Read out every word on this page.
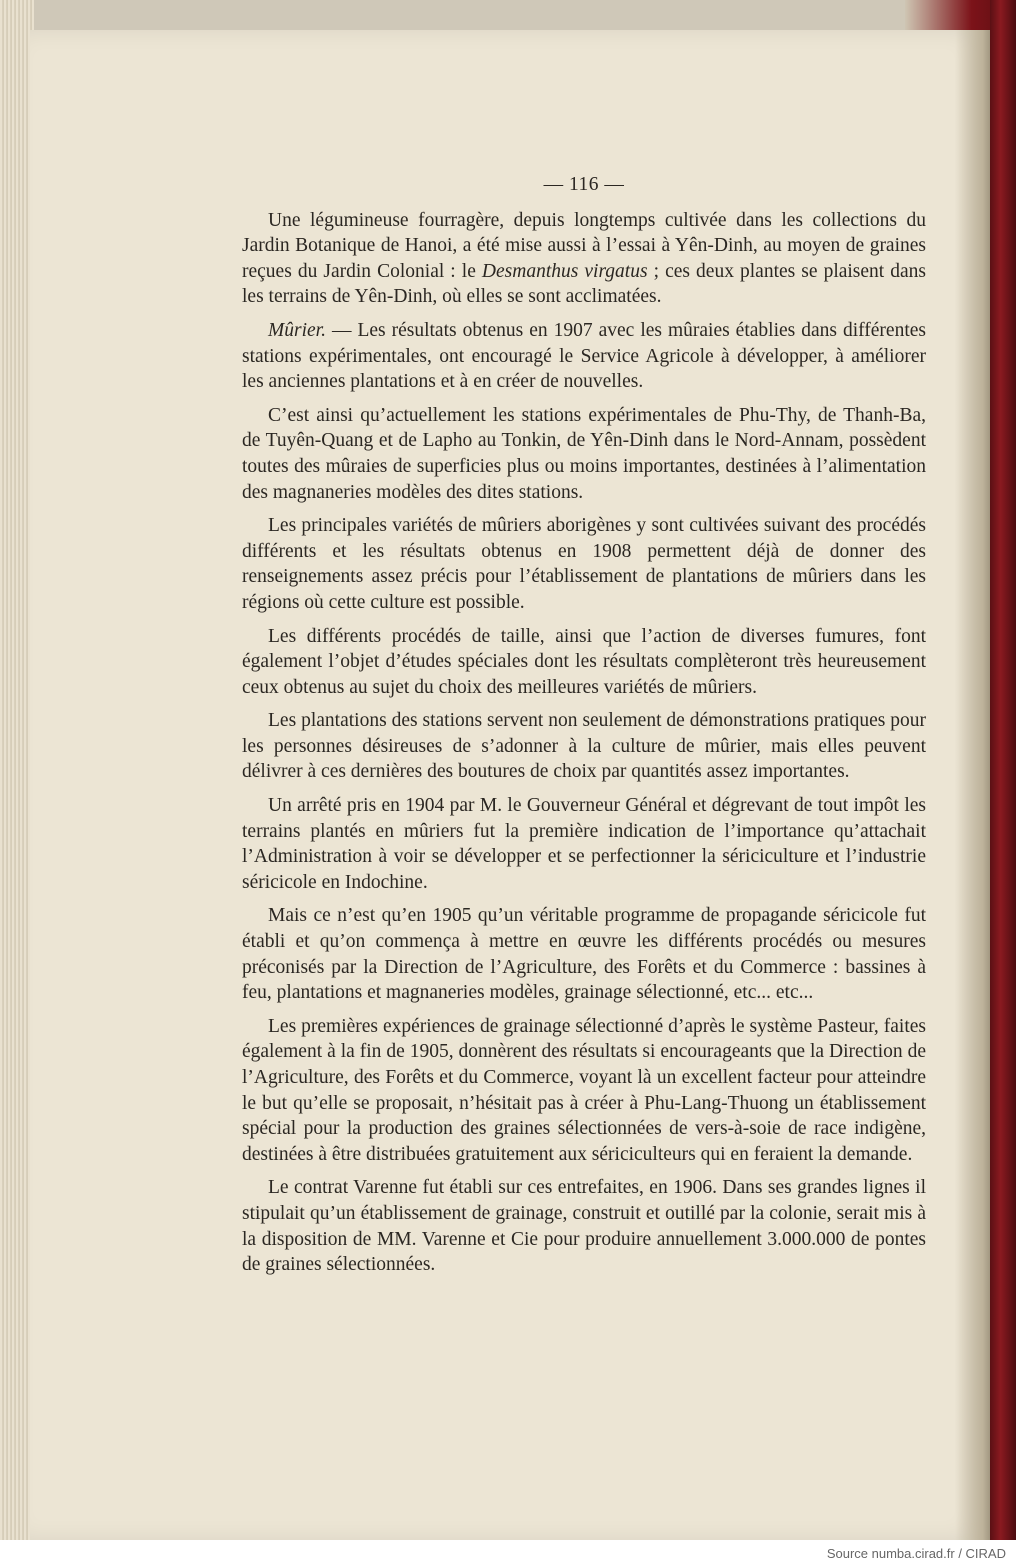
— 116 —

Une légumineuse fourragère, depuis longtemps cultivée dans les collections du Jardin Botanique de Hanoi, a été mise aussi à l’essai à Yên-Dinh, au moyen de graines reçues du Jardin Colonial : le Desmanthus virgatus ; ces deux plantes se plaisent dans les terrains de Yên-Dinh, où elles se sont acclimatées.

Mûrier. — Les résultats obtenus en 1907 avec les mûraies établies dans différentes stations expérimentales, ont encouragé le Service Agricole à développer, à améliorer les anciennes plantations et à en créer de nouvelles.

C’est ainsi qu’actuellement les stations expérimentales de Phu-Thy, de Thanh-Ba, de Tuyên-Quang et de Lapho au Tonkin, de Yên-Dinh dans le Nord-Annam, possèdent toutes des mûraies de superficies plus ou moins importantes, destinées à l’alimentation des magnaneries modèles des dites stations.

Les principales variétés de mûriers aborigènes y sont cultivées suivant des procédés différents et les résultats obtenus en 1908 permettent déjà de donner des renseignements assez précis pour l’établissement de plantations de mûriers dans les régions où cette culture est possible.

Les différents procédés de taille, ainsi que l’action de diverses fumures, font également l’objet d’études spéciales dont les résultats complèteront très heureusement ceux obtenus au sujet du choix des meilleures variétés de mûriers.

Les plantations des stations servent non seulement de démonstrations pratiques pour les personnes désireuses de s’adonner à la culture de mûrier, mais elles peuvent délivrer à ces dernières des boutures de choix par quantités assez importantes.

Un arrêté pris en 1904 par M. le Gouverneur Général et dégrevant de tout impôt les terrains plantés en mûriers fut la première indication de l’importance qu’attachait l’Administration à voir se développer et se perfectionner la sériciculture et l’industrie séricicole en Indochine.

Mais ce n’est qu’en 1905 qu’un véritable programme de propagande séricicole fut établi et qu’on commença à mettre en œuvre les différents procédés ou mesures préconisés par la Direction de l’Agriculture, des Forêts et du Commerce : bassines à feu, plantations et magnaneries modèles, grainage sélectionné, etc... etc...

Les premières expériences de grainage sélectionné d’après le système Pasteur, faites également à la fin de 1905, donnèrent des résultats si encourageants que la Direction de l’Agriculture, des Forêts et du Commerce, voyant là un excellent facteur pour atteindre le but qu’elle se proposait, n’hésitait pas à créer à Phu-Lang-Thuong un établissement spécial pour la production des graines sélectionnées de vers-à-soie de race indigène, destinées à être distribuées gratuitement aux sériciculteurs qui en feraient la demande.

Le contrat Varenne fut établi sur ces entrefaites, en 1906. Dans ses grandes lignes il stipulait qu’un établissement de grainage, construit et outillé par la colonie, serait mis à la disposition de MM. Varenne et Cie pour produire annuellement 3.000.000 de pontes de graines sélectionnées.

Source numba.cirad.fr / CIRAD
